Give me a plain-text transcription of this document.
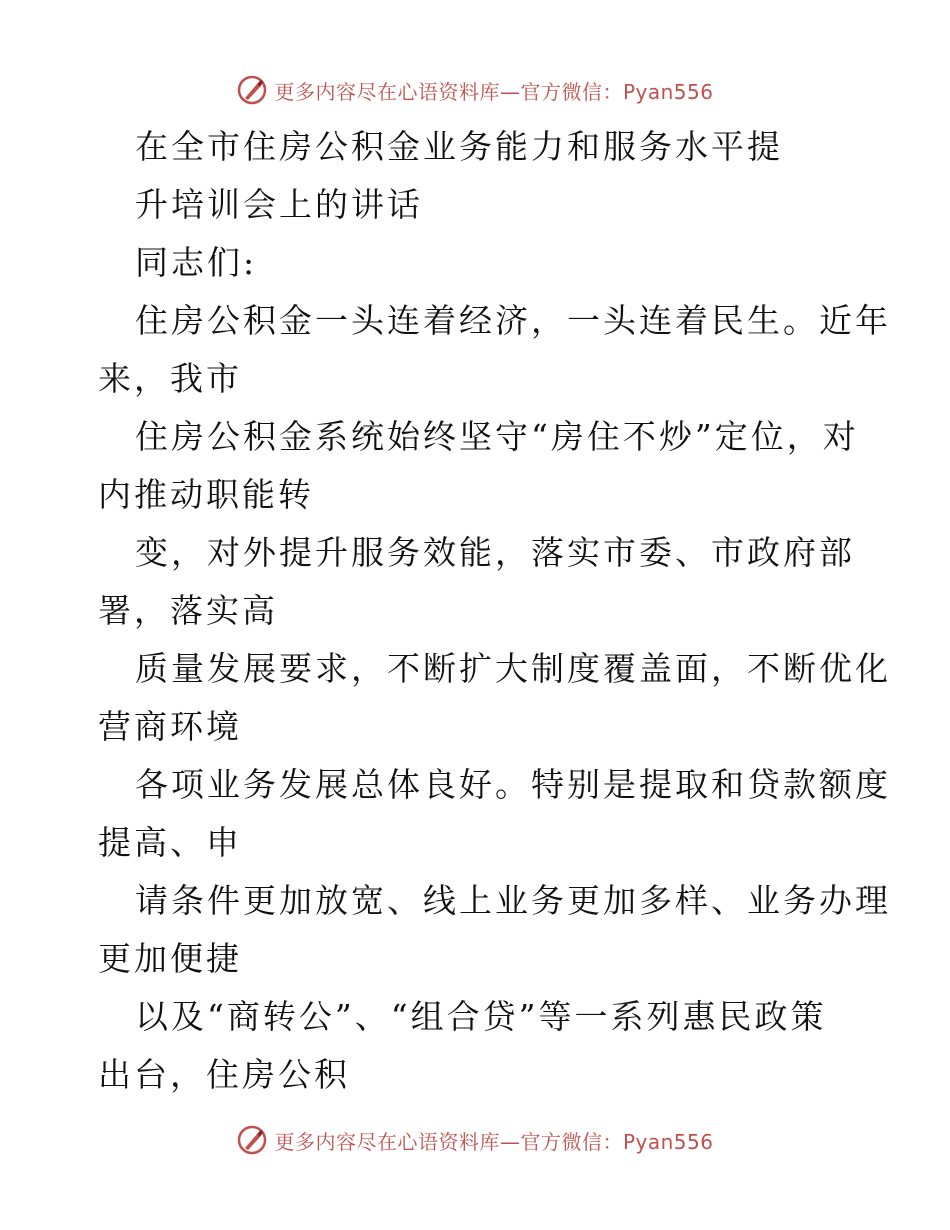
更多内容尽在心语资料库—官方微信：Pyan556
在全市住房公积金业务能力和服务水平提
升培训会上的讲话
同志们:
住房公积金一头连着经济，一头连着民生。近年
来，我市
住房公积金系统始终坚守“房住不炒”定位，对
内推动职能转
变，对外提升服务效能，落实市委、市政府部
署，落实高
质量发展要求，不断扩大制度覆盖面，不断优化
营商环境
各项业务发展总体良好。特别是提取和贷款额度
提高、申
请条件更加放宽、线上业务更加多样、业务办理
更加便捷
以及“商转公”、“组合贷”等一系列惠民政策
出台，住房公积
更多内容尽在心语资料库—官方微信：Pyan556
